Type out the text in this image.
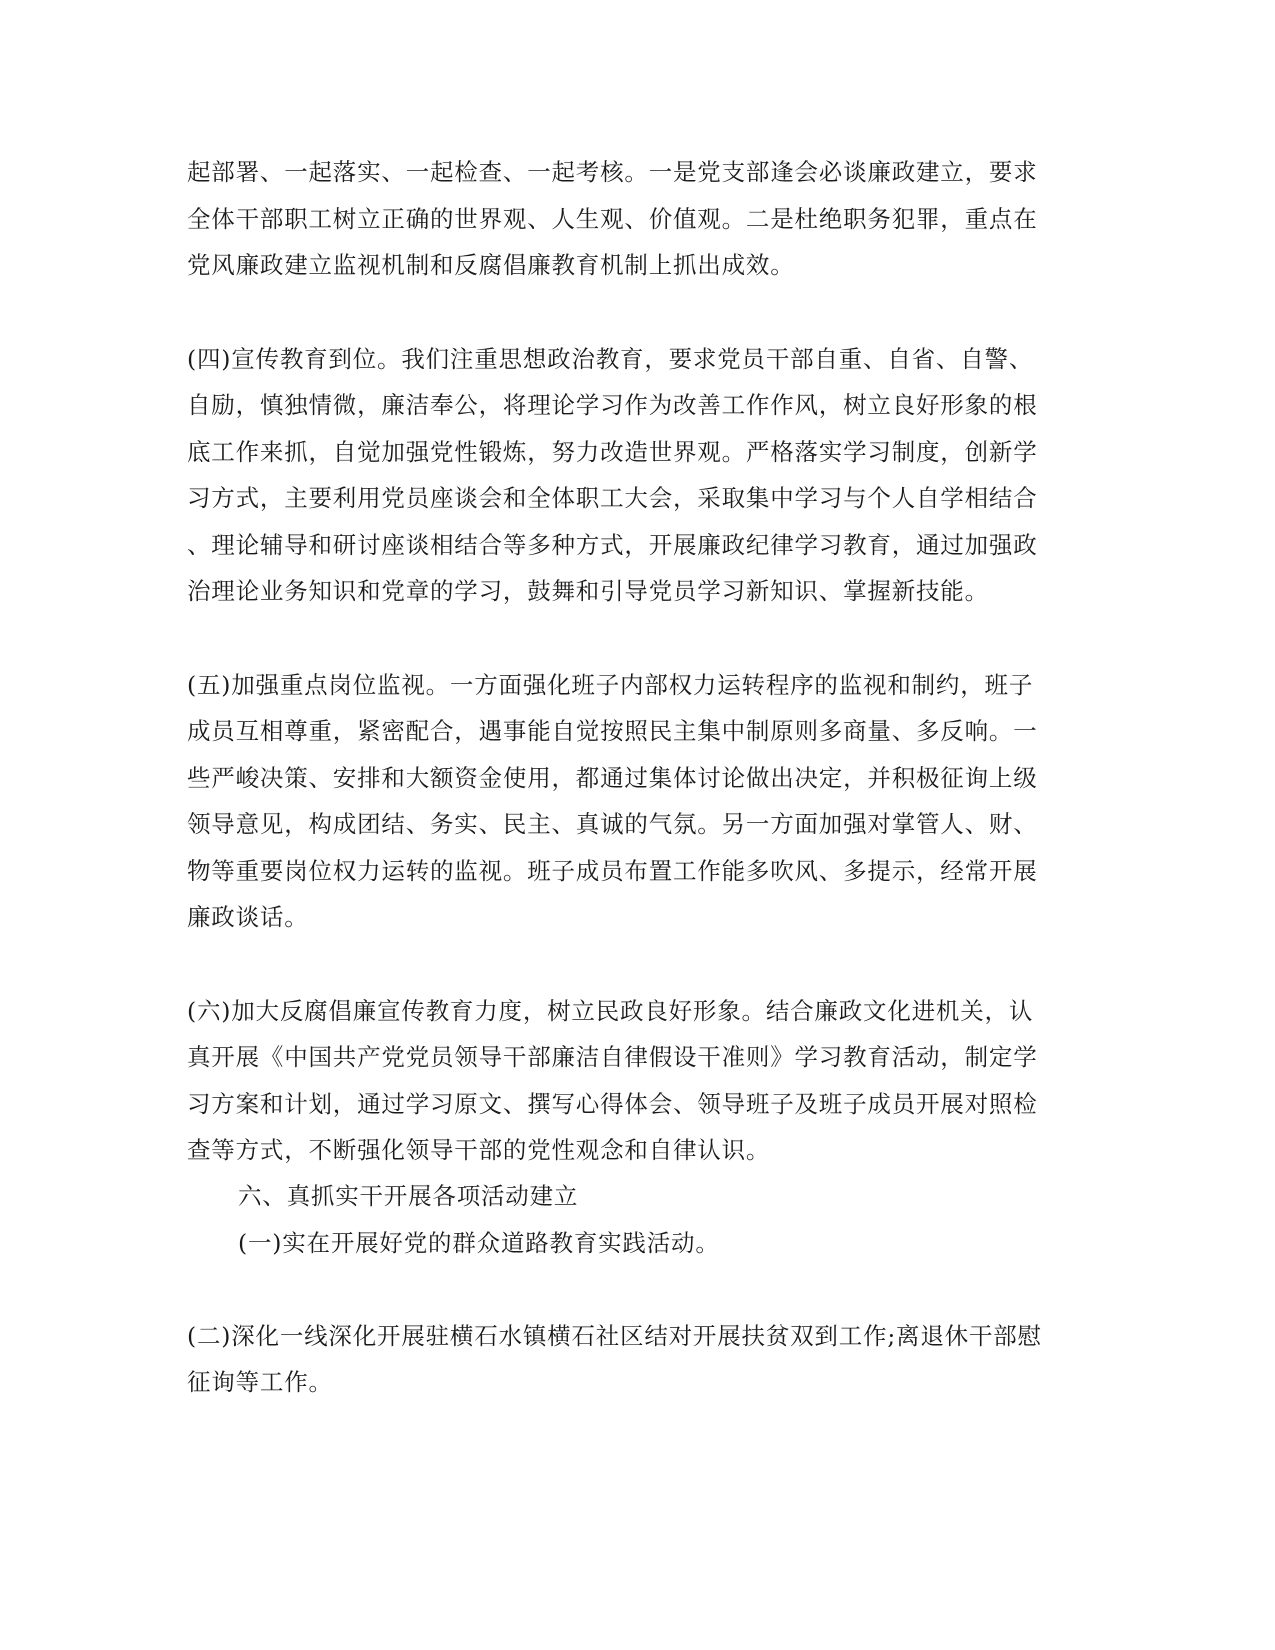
起部署、一起落实、一起检查、一起考核。一是党支部逢会必谈廉政建立，要求
全体干部职工树立正确的世界观、人生观、价值观。二是杜绝职务犯罪，重点在
党风廉政建立监视机制和反腐倡廉教育机制上抓出成效。
(四)宣传教育到位。我们注重思想政治教育，要求党员干部自重、自省、自警、
自励，慎独情微，廉洁奉公，将理论学习作为改善工作作风，树立良好形象的根
底工作来抓，自觉加强党性锻炼，努力改造世界观。严格落实学习制度，创新学
习方式，主要利用党员座谈会和全体职工大会，采取集中学习与个人自学相结合
、理论辅导和研讨座谈相结合等多种方式，开展廉政纪律学习教育，通过加强政
治理论业务知识和党章的学习，鼓舞和引导党员学习新知识、掌握新技能。
(五)加强重点岗位监视。一方面强化班子内部权力运转程序的监视和制约，班子
成员互相尊重，紧密配合，遇事能自觉按照民主集中制原则多商量、多反响。一
些严峻决策、安排和大额资金使用，都通过集体讨论做出决定，并积极征询上级
领导意见，构成团结、务实、民主、真诚的气氛。另一方面加强对掌管人、财、
物等重要岗位权力运转的监视。班子成员布置工作能多吹风、多提示，经常开展
廉政谈话。
(六)加大反腐倡廉宣传教育力度，树立民政良好形象。结合廉政文化进机关，认
真开展《中国共产党党员领导干部廉洁自律假设干准则》学习教育活动，制定学
习方案和计划，通过学习原文、撰写心得体会、领导班子及班子成员开展对照检
查等方式，不断强化领导干部的党性观念和自律认识。
六、真抓实干开展各项活动建立
(一)实在开展好党的群众道路教育实践活动。
(二)深化一线深化开展驻横石水镇横石社区结对开展扶贫双到工作;离退休干部慰
征询等工作。
